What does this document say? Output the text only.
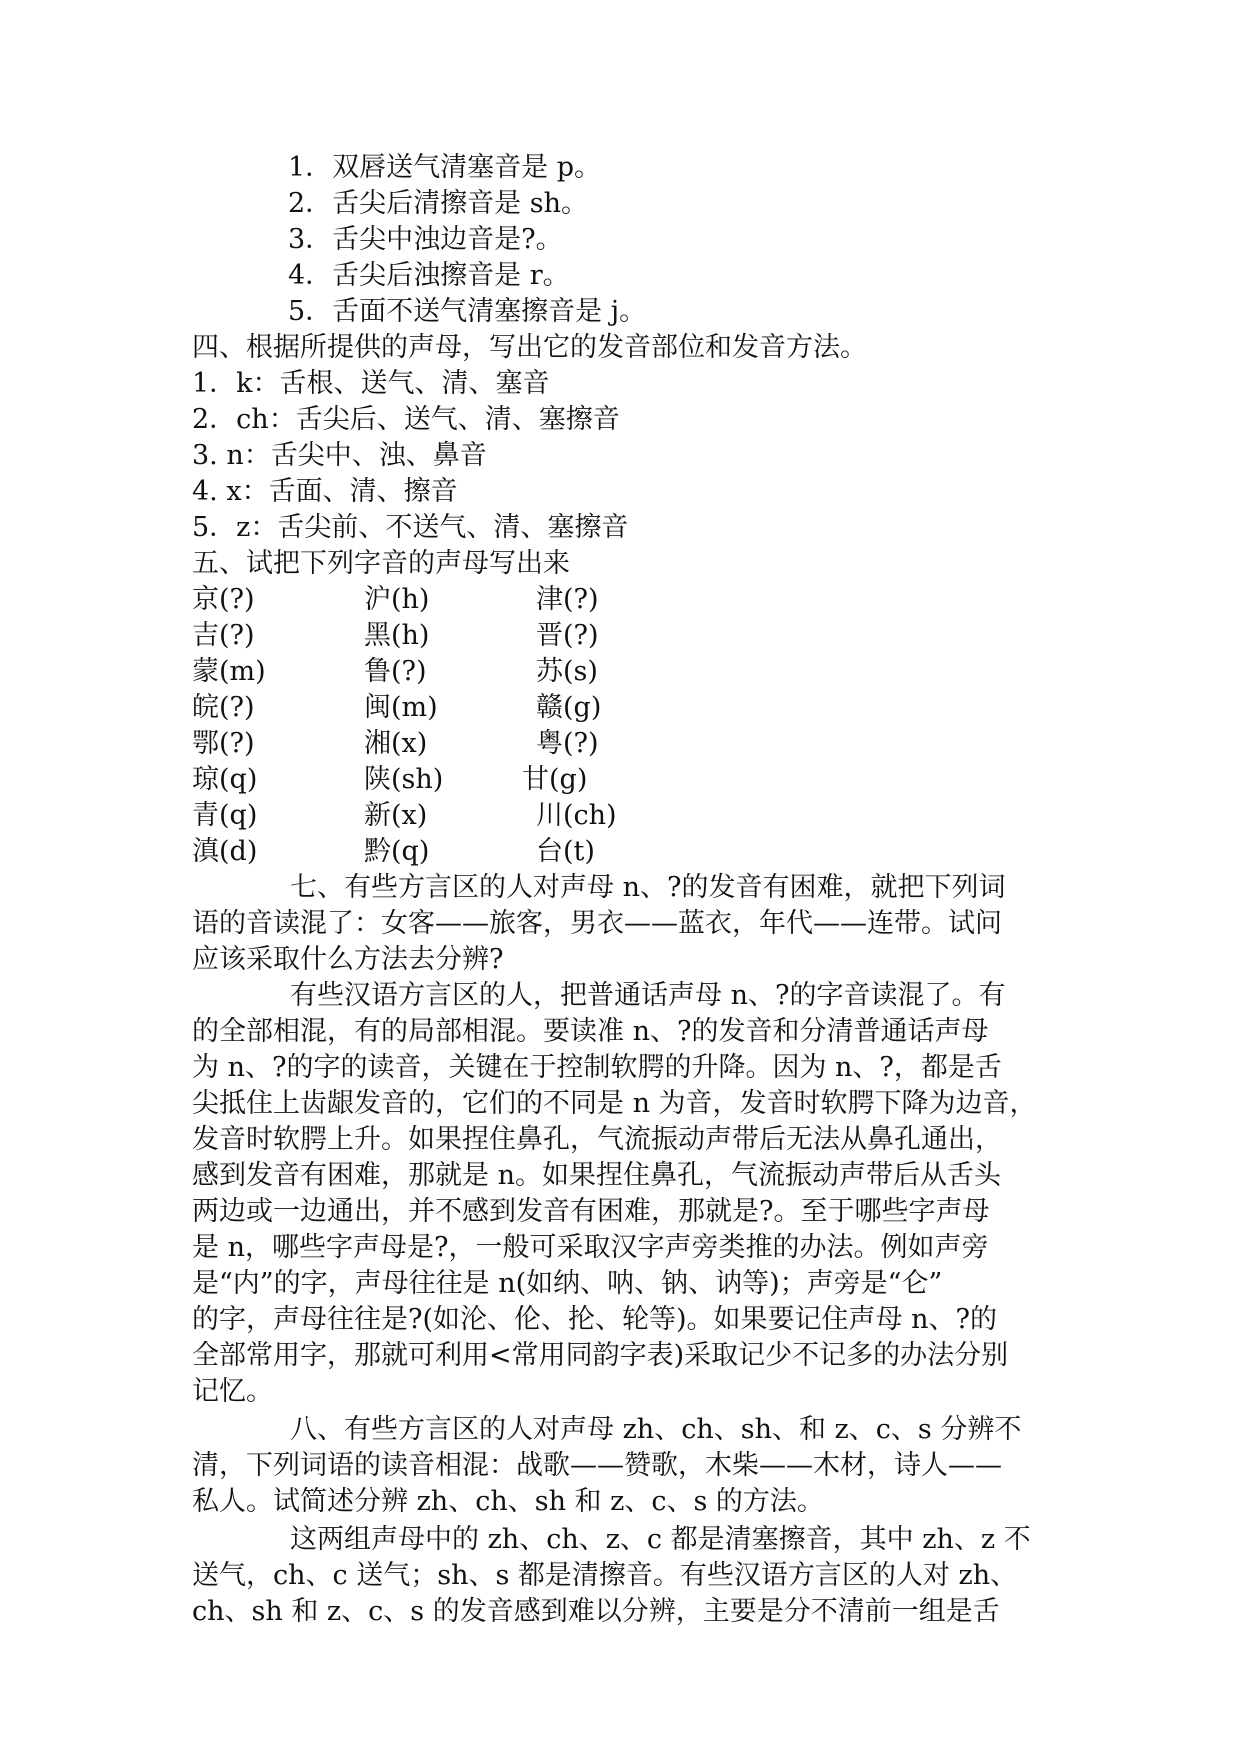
1．双唇送气清塞音是 p。
2．舌尖后清擦音是 sh。
3．舌尖中浊边音是?。
4．舌尖后浊擦音是 r。
5．舌面不送气清塞擦音是 j。
四、根据所提供的声母，写出它的发音部位和发音方法。
1．k：舌根、送气、清、塞音
2．ch：舌尖后、送气、清、塞擦音
3. n：舌尖中、浊、鼻音
4. x：舌面、清、擦音
5．z：舌尖前、不送气、清、塞擦音
五、试把下列字音的声母写出来
京(?)	沪(h)	津(?)
吉(?)	黑(h)	晋(?)
蒙(m)	鲁(?)	苏(s)
皖(?)	闽(m)	赣(g)
鄂(?)	湘(x)	粤(?)
琼(q)	陕(sh)	甘(g)
青(q)	新(x)	川(ch)
滇(d)	黔(q)	台(t)
七、有些方言区的人对声母 n、?的发音有困难，就把下列词
语的音读混了：女客——旅客，男衣——蓝衣，年代——连带。试问
应该采取什么方法去分辨?
有些汉语方言区的人，把普通话声母 n、?的字音读混了。有
的全部相混，有的局部相混。要读准 n、?的发音和分清普通话声母
为 n、?的字的读音，关键在于控制软腭的升降。因为 n、?，都是舌
尖抵住上齿龈发音的，它们的不同是 n 为音，发音时软腭下降为边音，
发音时软腭上升。如果捏住鼻孔，气流振动声带后无法从鼻孔通出，
感到发音有困难，那就是 n。如果捏住鼻孔，气流振动声带后从舌头
两边或一边通出，并不感到发音有困难，那就是?。至于哪些字声母
是 n，哪些字声母是?，一般可采取汉字声旁类推的办法。例如声旁
是“内”的字，声母往往是 n(如纳、呐、钠、讷等)；声旁是“仑”
的字，声母往往是?(如沦、伦、抡、轮等)。如果要记住声母 n、?的
全部常用字，那就可利用<常用同韵字表)采取记少不记多的办法分别
记忆。
八、有些方言区的人对声母 zh、ch、sh、和 z、c、s 分辨不
清，下列词语的读音相混：战歌——赞歌，木柴——木材，诗人——
私人。试简述分辨 zh、ch、sh 和 z、c、s 的方法。
这两组声母中的 zh、ch、z、c 都是清塞擦音，其中 zh、z 不
送气，ch、c 送气；sh、s 都是清擦音。有些汉语方言区的人对 zh、
ch、sh 和 z、c、s 的发音感到难以分辨，主要是分不清前一组是舌
